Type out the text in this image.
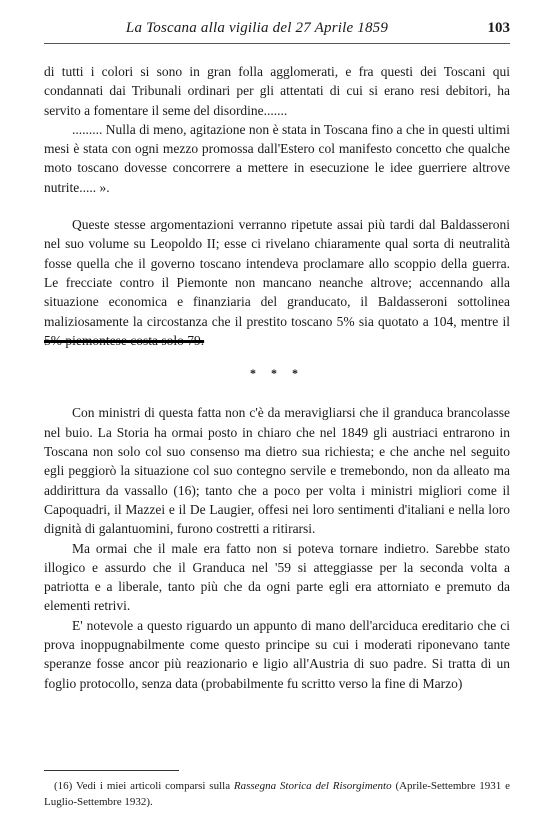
La Toscana alla vigilia del 27 Aprile 1859	103

di tutti i colori si sono in gran folla agglomerati, e fra questi dei Toscani qui condannati dai Tribunali ordinari per gli attentati di cui si erano resi debitori, ha servito a fomentare il seme del disordine.......

......... Nulla di meno, agitazione non è stata in Toscana fino a che in questi ultimi mesi è stata con ogni mezzo promossa dall'Estero col manifesto concetto che qualche moto toscano dovesse concorrere a mettere in esecuzione le idee guerriere altrove nutrite..... ».

Queste stesse argomentazioni verranno ripetute assai più tardi dal Baldasseroni nel suo volume su Leopoldo II; esse ci rivelano chiaramente qual sorta di neutralità fosse quella che il governo toscano intendeva proclamare allo scoppio della guerra. Le frecciate contro il Piemonte non mancano neanche altrove; accennando alla situazione economica e finanziaria del granducato, il Baldasseroni sottolinea maliziosamente la circostanza che il prestito toscano 5% sia quotato a 104, mentre il 5% piemontese costa solo 79.

* * *

Con ministri di questa fatta non c'è da meravigliarsi che il granduca brancolasse nel buio. La Storia ha ormai posto in chiaro che nel 1849 gli austriaci entrarono in Toscana non solo col suo consenso ma dietro sua richiesta; e che anche nel seguito egli peggiorò la situazione col suo contegno servile e tremebondo, non da alleato ma addirittura da vassallo (16); tanto che a poco per volta i ministri migliori come il Capoquadri, il Mazzei e il De Laugier, offesi nei loro sentimenti d'italiani e nella loro dignità di galantuomini, furono costretti a ritirarsi.

Ma ormai che il male era fatto non si poteva tornare indietro. Sarebbe stato illogico e assurdo che il Granduca nel '59 si atteggiasse per la seconda volta a patriotta e a liberale, tanto più che da ogni parte egli era attorniato e premuto da elementi retrivi.

E' notevole a questo riguardo un appunto di mano dell'arciduca ereditario che ci prova inoppugnabilmente come questo principe su cui i moderati riponevano tante speranze fosse ancor più reazionario e ligio all'Austria di suo padre. Si tratta di un foglio protocollo, senza data (probabilmente fu scritto verso la fine di Marzo)

(16) Vedi i miei articoli comparsi sulla Rassegna Storica del Risorgimento (Aprile-Settembre 1931 e Luglio-Settembre 1932).
